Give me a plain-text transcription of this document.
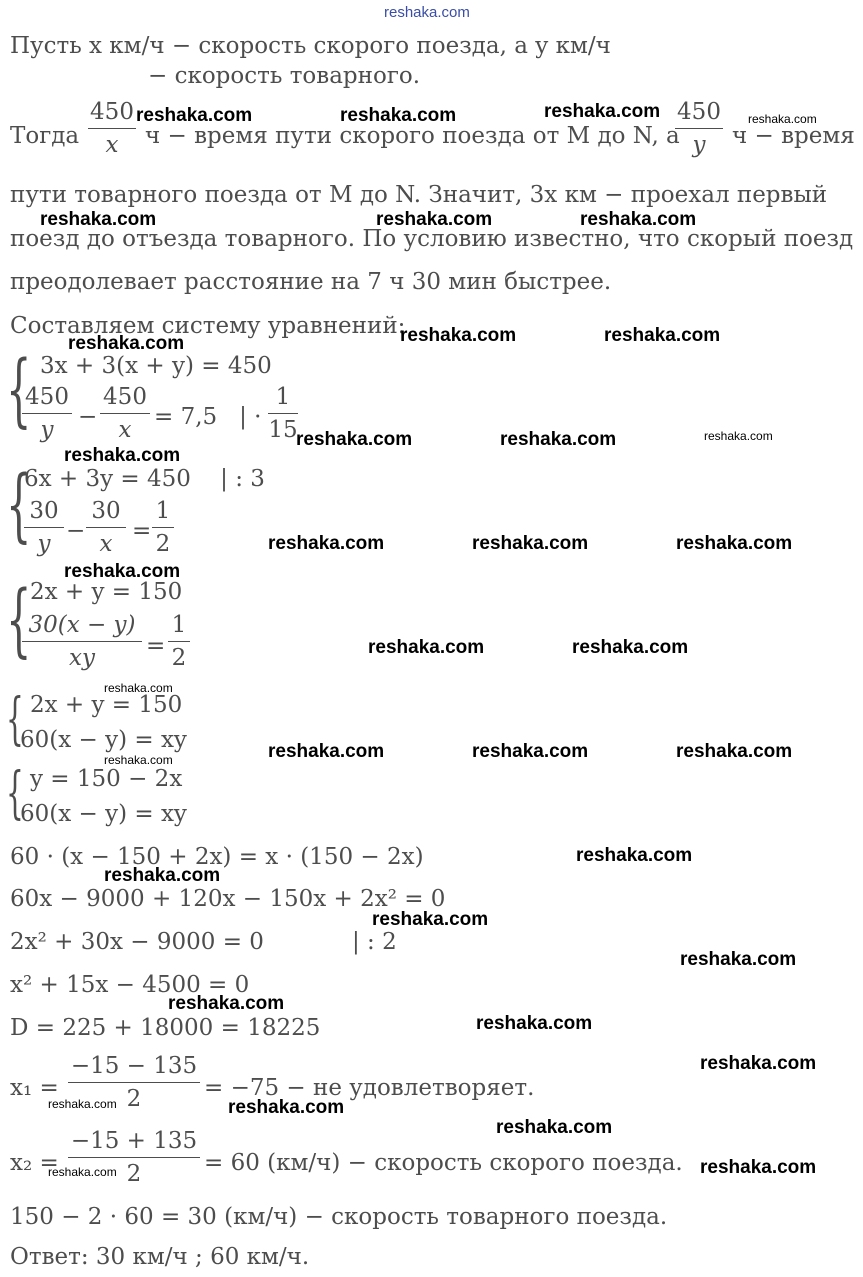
reshaka.com
Пусть x км/ч − скорость скорого поезда, а y км/ч
− скорость товарного.
Тогда
450
x	ч − время пути скорого поезда от M до N, а
450
y	ч − время
пути товарного поезда от M до N. Значит, 3x км − проехал первый
поезд до отъезда товарного. По условию известно, что скорый поезд
преодолевает расстояние на 7 ч 30 мин быстрее.
Составляем систему уравнений:
{ 3x + 3(x + y) = 450
450
y	−
450
x = 7,5   | ·
1
15
{
6x + 3y = 450    | : 3
30
y −
30
x =
1
2
{
2x + y = 150
30(x − y)
xy	=
1
2
{ 2x + y = 150
60(x − y) = xy
{ y = 150 − 2x
60(x − y) = xy
60 · (x − 150 + 2x) = x · (150 − 2x)
60x − 9000 + 120x − 150x + 2x² = 0
2x² + 30x − 9000 = 0	| : 2
x² + 15x − 4500 = 0
D = 225 + 18000 = 18225
x₁ =
−15 − 135
2	= −75 − не удовлетворяет.
x₂ =
−15 + 135
2	= 60 (км/ч) − скорость скорого поезда.
150 − 2 · 60 = 30 (км/ч) − скорость товарного поезда.
Ответ: 30 км/ч ; 60 км/ч.
reshaka.com	reshaka.com	reshaka.com	reshaka.com
reshaka.com	reshaka.com	reshaka.com
reshaka.com	reshaka.com	reshaka.com
reshaka.com	reshaka.com	reshaka.com
reshaka.com
reshaka.com	reshaka.com	reshaka.com
reshaka.com
reshaka.com	reshaka.com
reshaka.com
reshaka.com	reshaka.com	reshaka.com
reshaka.com
reshaka.com
reshaka.com
reshaka.com
reshaka.com
reshaka.com
reshaka.com
reshaka.com
reshaka.com	reshaka.com
reshaka.com
reshaka.com	reshaka.com
